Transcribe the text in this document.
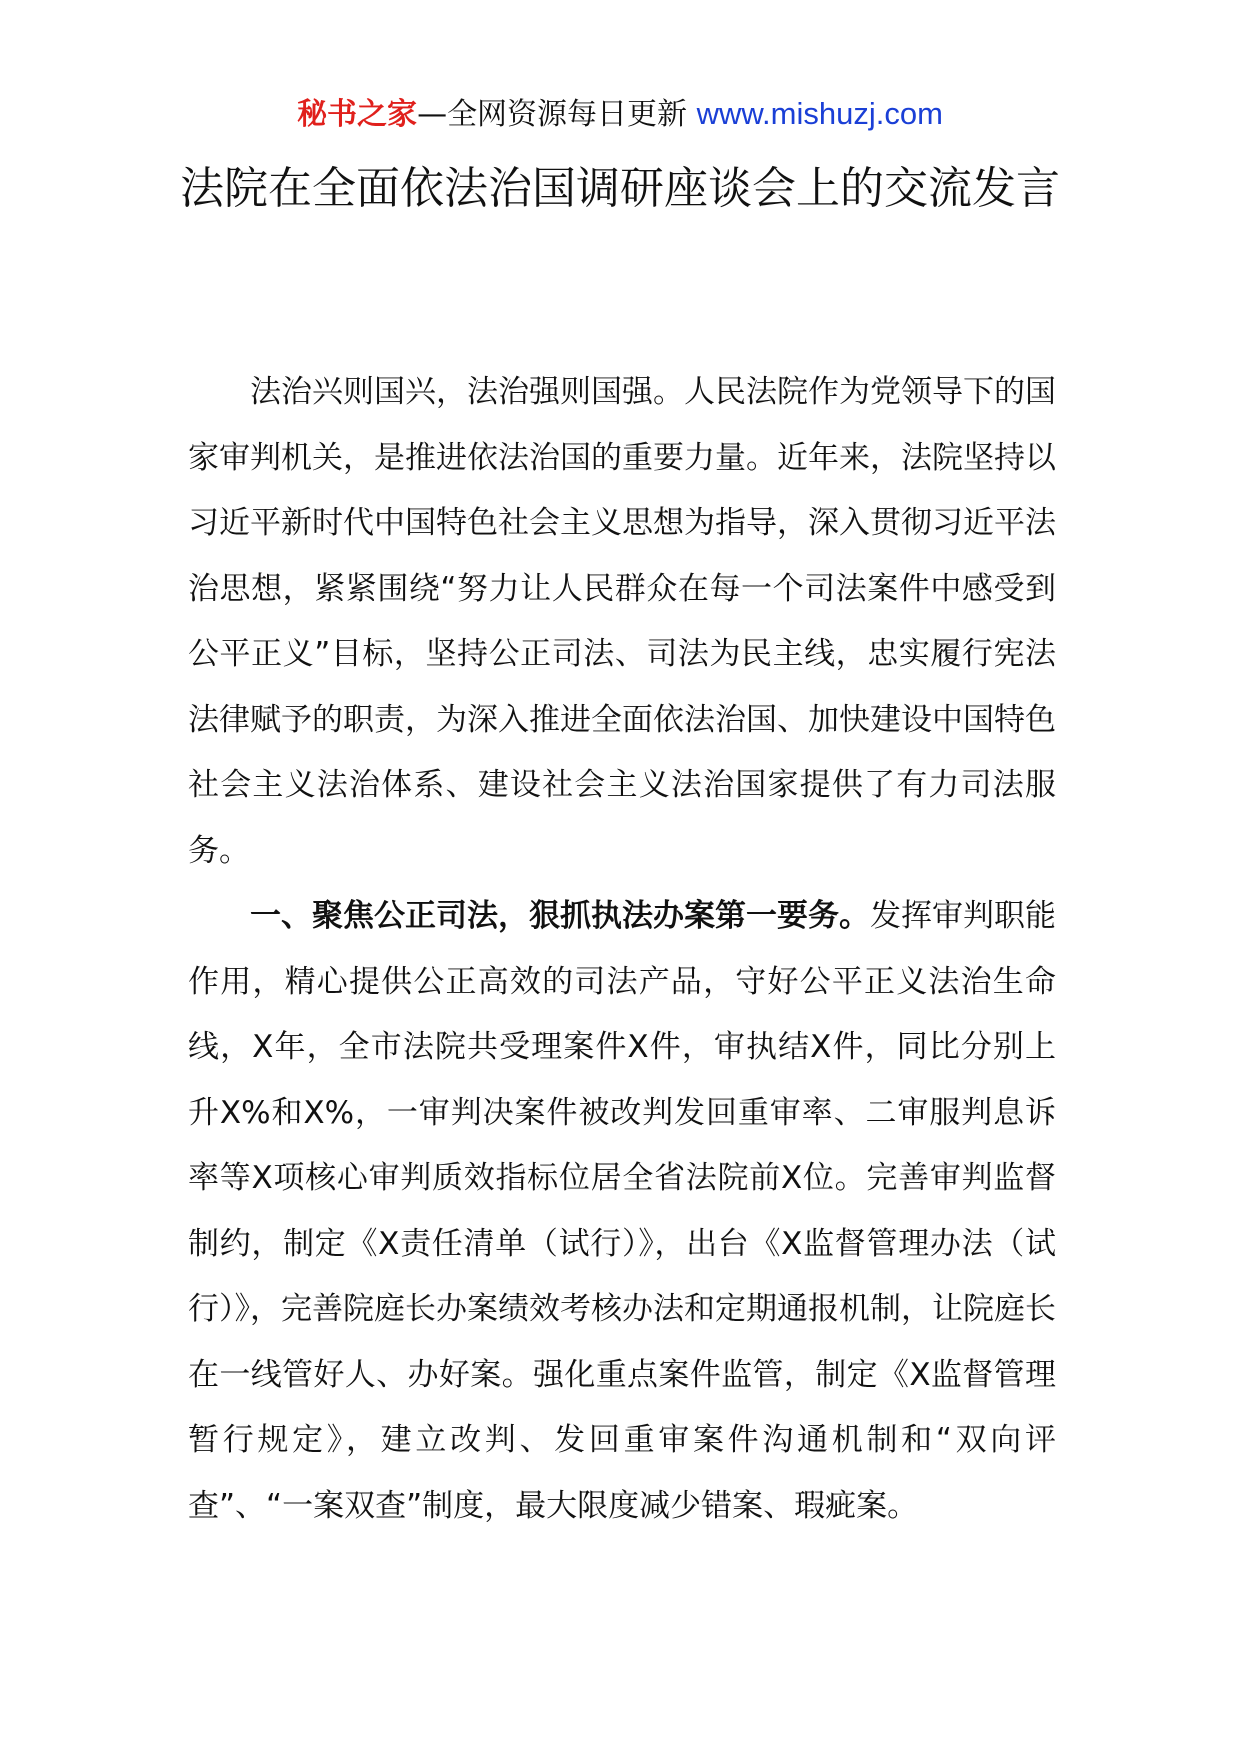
秘书之家—全网资源每日更新 www.mishuzj.com
法院在全面依法治国调研座谈会上的交流发言

法治兴则国兴，法治强则国强。人民法院作为党领导下的国家审判机关，是推进依法治国的重要力量。近年来，法院坚持以习近平新时代中国特色社会主义思想为指导，深入贯彻习近平法治思想，紧紧围绕“努力让人民群众在每一个司法案件中感受到公平正义”目标，坚持公正司法、司法为民主线，忠实履行宪法法律赋予的职责，为深入推进全面依法治国、加快建设中国特色社会主义法治体系、建设社会主义法治国家提供了有力司法服务。

一、聚焦公正司法，狠抓执法办案第一要务。发挥审判职能作用，精心提供公正高效的司法产品，守好公平正义法治生命线，X年，全市法院共受理案件X件，审执结X件，同比分别上升X%和X%，一审判决案件被改判发回重审率、二审服判息诉率等X项核心审判质效指标位居全省法院前X位。完善审判监督制约，制定《X责任清单（试行）》，出台《X监督管理办法（试行）》，完善院庭长办案绩效考核办法和定期通报机制，让院庭长在一线管好人、办好案。强化重点案件监管，制定《X监督管理暂行规定》，建立改判、发回重审案件沟通机制和“双向评查”、“一案双查”制度，最大限度减少错案、瑕疵案。
